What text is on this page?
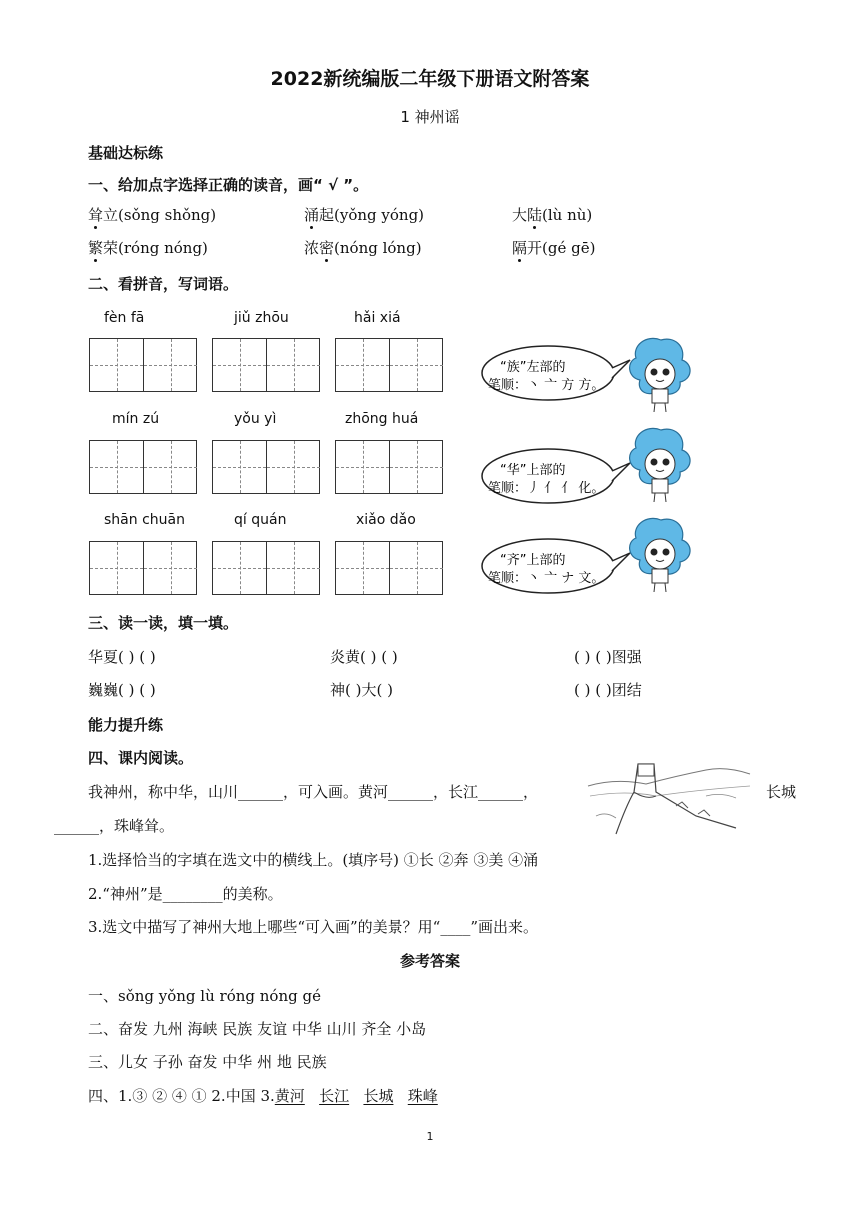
2022新统编版二年级下册语文附答案
1 神州谣
基础达标练
一、给加点字选择正确的读音，画“ √ ”。
耸立(sǒng shǒng)	涌起(yǒng yóng)	大陆(lù nù)
繁荣(róng nóng)	浓密(nóng lóng)	隔开(gé gē)
二、看拼音，写词语。
fèn fā	jiǔ zhōu	hǎi xiá
mín zú	yǒu yì	zhōng huá
shān chuān	qí quán	xiǎo dǎo
“族”左部的
笔顺：丶 亠 方 方。
“华”上部的
笔顺：丿 亻 亻 化。
“齐”上部的
笔顺：丶 亠 ナ 文。
三、读一读，填一填。
华夏( ) ( )	炎黄( ) ( )	( ) ( )图强
巍巍( ) ( )	神( )大( )	( ) ( )团结
能力提升练
四、课内阅读。
我神州，称中华，山川______，可入画。黄河______，长江______，	长城
______，珠峰耸。
1.选择恰当的字填在选文中的横线上。(填序号) ①长 ②奔 ③美 ④涌
2.“神州”是________的美称。
3.选文中描写了神州大地上哪些“可入画”的美景？用“____”画出来。
参考答案
一、sǒng yǒng lù róng nóng gé
二、奋发 九州 海峡 民族 友谊 中华 山川 齐全 小岛
三、儿女 子孙 奋发 中华 州 地 民族
四、1.③ ② ④ ① 2.中国 3.黄河 长江 长城 珠峰
1
